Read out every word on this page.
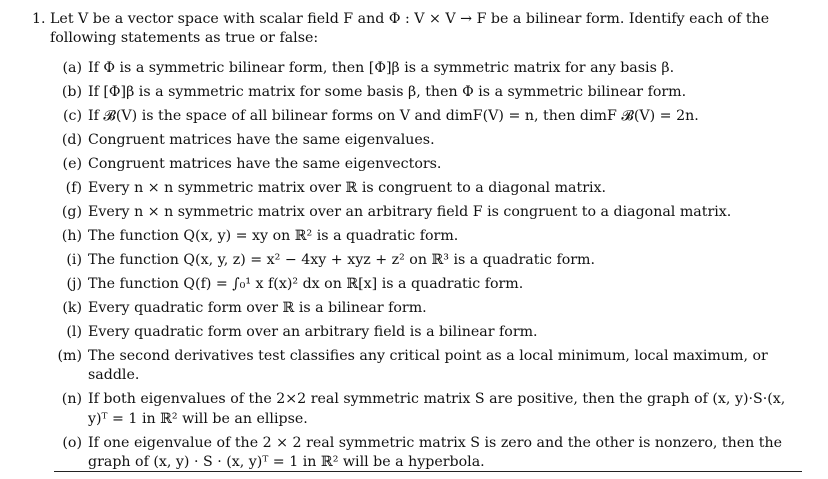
1. Let V be a vector space with scalar field F and Φ : V × V → F be a bilinear form. Identify each of the following statements as true or false:
(a) If Φ is a symmetric bilinear form, then [Φ]β is a symmetric matrix for any basis β.
(b) If [Φ]β is a symmetric matrix for some basis β, then Φ is a symmetric bilinear form.
(c) If 𝓑(V) is the space of all bilinear forms on V and dimF(V) = n, then dimF 𝓑(V) = 2n.
(d) Congruent matrices have the same eigenvalues.
(e) Congruent matrices have the same eigenvectors.
(f) Every n × n symmetric matrix over ℝ is congruent to a diagonal matrix.
(g) Every n × n symmetric matrix over an arbitrary field F is congruent to a diagonal matrix.
(h) The function Q(x, y) = xy on ℝ² is a quadratic form.
(i) The function Q(x, y, z) = x² − 4xy + xyz + z² on ℝ³ is a quadratic form.
(j) The function Q(f) = ∫₀¹ x f(x)² dx on ℝ[x] is a quadratic form.
(k) Every quadratic form over ℝ is a bilinear form.
(l) Every quadratic form over an arbitrary field is a bilinear form.
(m) The second derivatives test classifies any critical point as a local minimum, local maximum, or saddle.
(n) If both eigenvalues of the 2×2 real symmetric matrix S are positive, then the graph of (x, y)·S·(x, y)ᵀ = 1 in ℝ² will be an ellipse.
(o) If one eigenvalue of the 2 × 2 real symmetric matrix S is zero and the other is nonzero, then the graph of (x, y) · S · (x, y)ᵀ = 1 in ℝ² will be a hyperbola.
